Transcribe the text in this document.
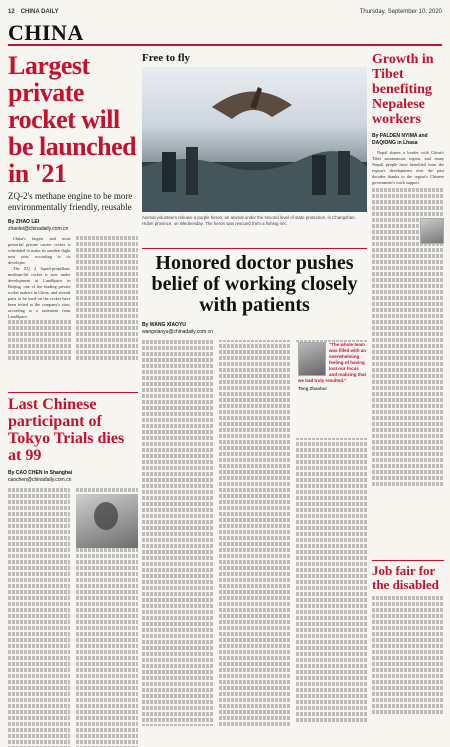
12 CHINA DAILY	Thursday, September 10, 2020
CHINA
Largest private rocket will be launched in '21
ZQ-2's methane engine to be more environmentally friendly, reusable
By ZHAO LEI
zhaolei@chinadaily.com.cn

China's largest and most powerful private carrier rocket is scheduled to make its maiden flight next year, according to its developer.

The ZQ 2 liquid-propellant, medium-lift rocket is now under development at LandSpace in Beijing, one of the leading private rocket makers in China, and several parts to be used on the rocket have been tested at the company's sites, according to a statement from LandSpace.

Last Chinese participant of Tokyo Trials dies at 99
By CAO CHEN in Shanghai
caochen@chinadaily.com.cn
Free to fly
Animal volunteers release a purple heron, an animal under the second level of state protection, in Changshan, Hubei province, on Wednesday. The heron was rescued from a fishing net.
Honored doctor pushes belief of working closely with patients
By WANG XIAOYU
wangxiaoyu@chinadaily.com.cn
"The whole team was filled with an overwhelming feeling of having lost our focus and realizing that we had truly resulted."
Tong Zhaohui
Growth in Tibet benefiting Nepalese workers
By PALDEN NYIMA and DAQIONG in Lhasa

Nepal shares a border with China's Tibet autonomous region, and many Nepali people have benefited from the region's development over the past decades thanks to the region's Chinese government's work support.

Job fair for the disabled
